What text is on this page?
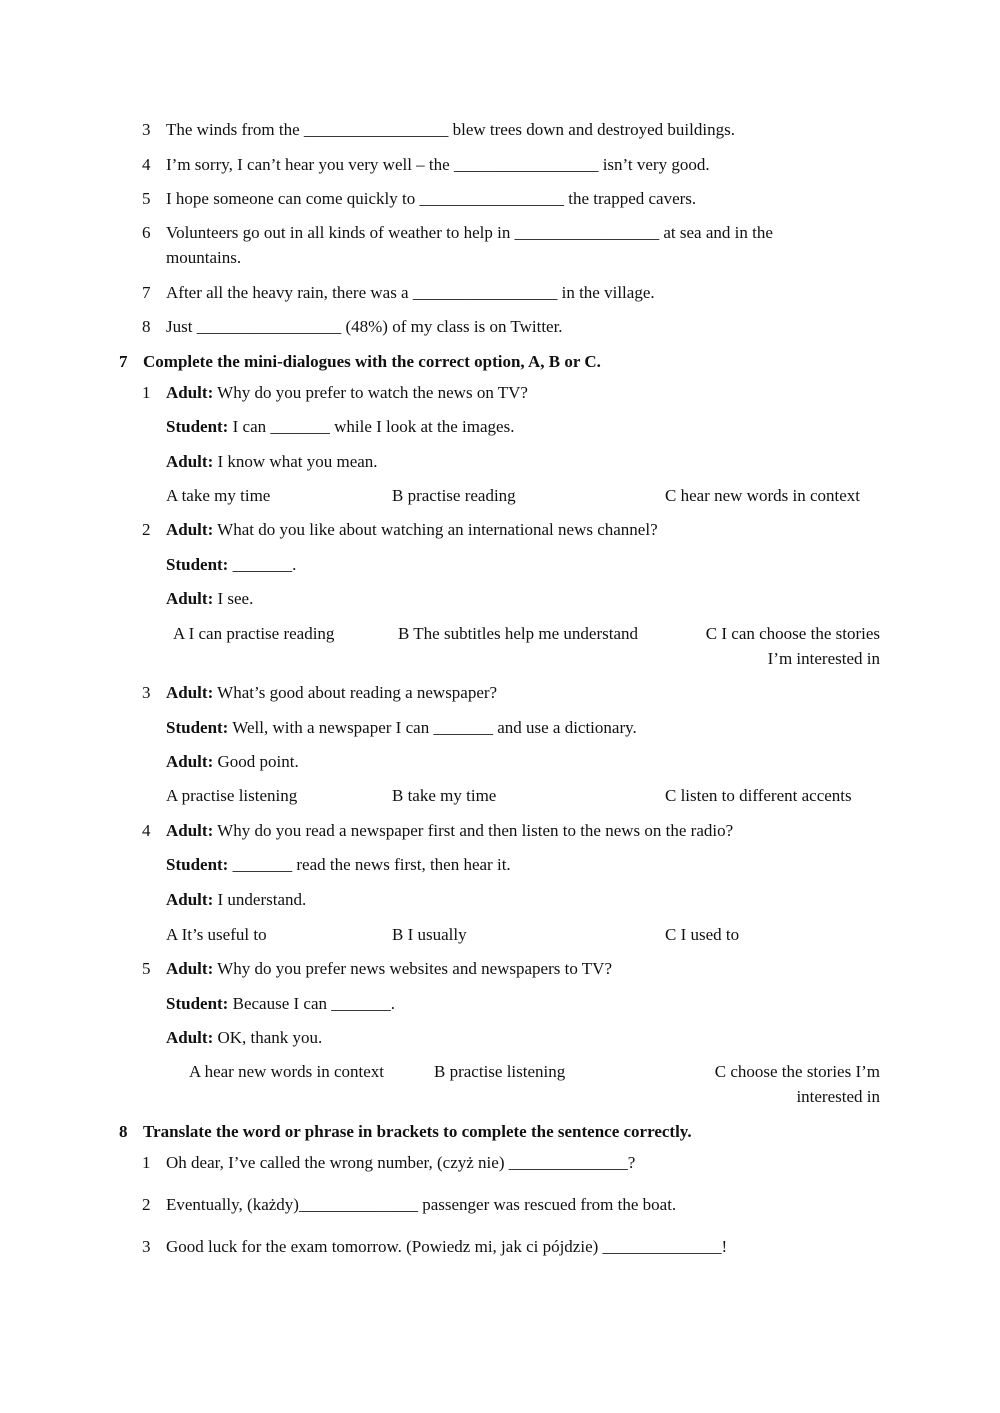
3 The winds from the _________________ blew trees down and destroyed buildings.
4 I’m sorry, I can’t hear you very well – the _________________ isn’t very good.
5 I hope someone can come quickly to _________________ the trapped cavers.
6 Volunteers go out in all kinds of weather to help in _________________ at sea and in the
mountains.
7 After all the heavy rain, there was a _________________ in the village.
8 Just _________________ (48%) of my class is on Twitter.
7 Complete the mini-dialogues with the correct option, A, B or C.
1 Adult: Why do you prefer to watch the news on TV?
Student: I can _______ while I look at the images.
Adult: I know what you mean.
A take my time	B practise reading	C hear new words in context
2 Adult: What do you like about watching an international news channel?
Student: _______.
Adult: I see.
A I can practise reading	B The subtitles help me understand	C I can choose the stories
I’m interested in
3 Adult: What’s good about reading a newspaper?
Student: Well, with a newspaper I can _______ and use a dictionary.
Adult: Good point.
A practise listening	B take my time	C listen to different accents
4 Adult: Why do you read a newspaper first and then listen to the news on the radio?
Student: _______ read the news first, then hear it.
Adult: I understand.
A It’s useful to	B I usually	C I used to
5 Adult: Why do you prefer news websites and newspapers to TV?
Student: Because I can _______.
Adult: OK, thank you.
A hear new words in context	B practise listening	C choose the stories I’m
interested in
8 Translate the word or phrase in brackets to complete the sentence correctly.
1 Oh dear, I’ve called the wrong number, (czyż nie) ______________?
2 Eventually, (każdy)______________ passenger was rescued from the boat.
3 Good luck for the exam tomorrow. (Powiedz mi, jak ci pójdzie) ______________!
